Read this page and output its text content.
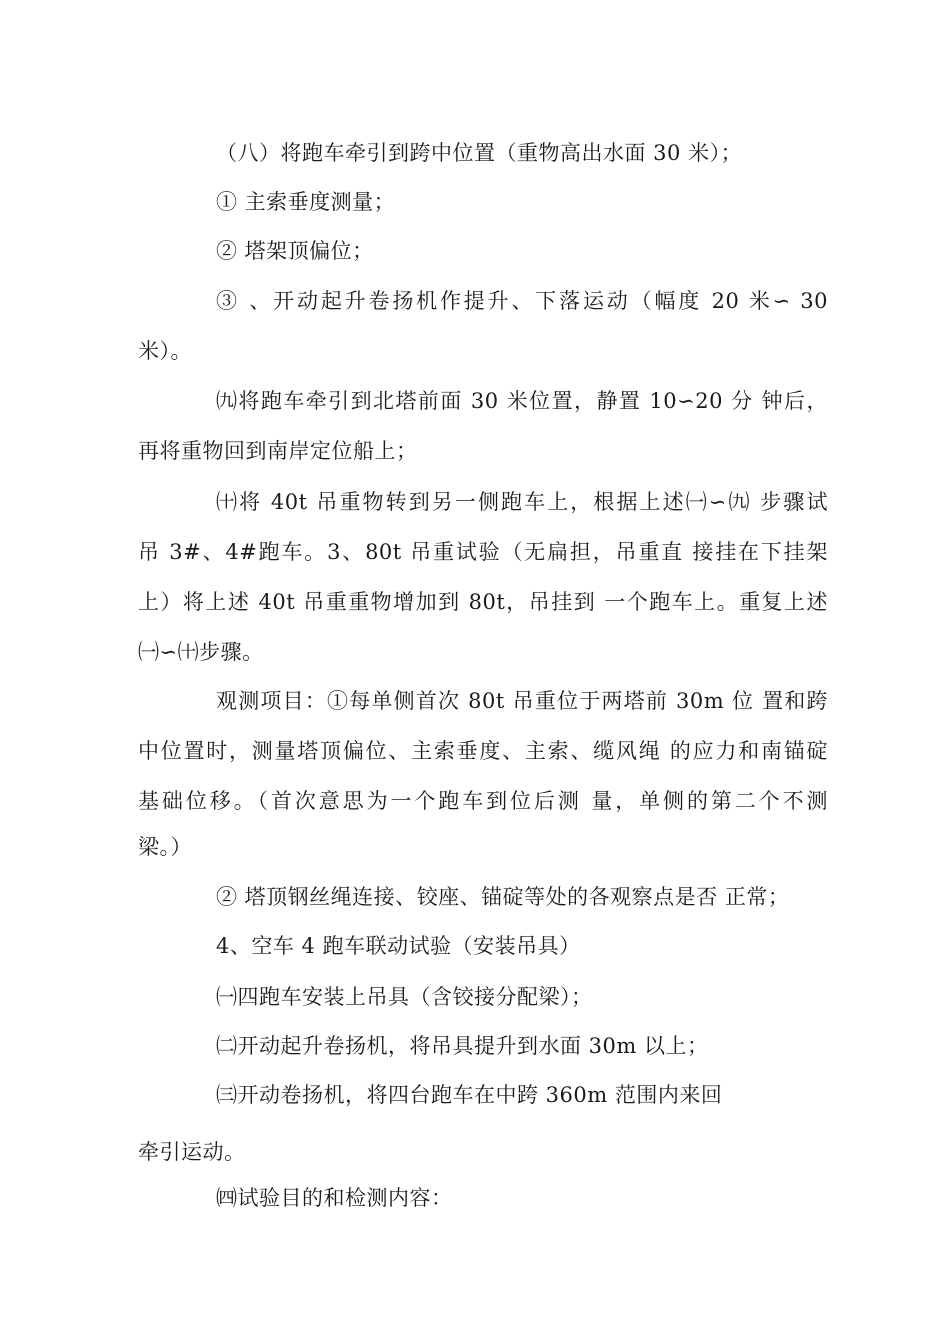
（八）将跑车牵引到跨中位置（重物高出水面 30 米）；
① 主索垂度测量；
② 塔架顶偏位；
③ 、开动起升卷扬机作提升、下落运动（幅度 20 米∽ 30
米）。
㈨将跑车牵引到北塔前面 30 米位置，静置 10∽20 分 钟后，
再将重物回到南岸定位船上；
㈩将 40t 吊重物转到另一侧跑车上，根据上述㈠∽㈨ 步骤试
吊 3#、4#跑车。3、80t 吊重试验（无扁担，吊重直 接挂在下挂架
上）将上述 40t 吊重重物增加到 80t，吊挂到 一个跑车上。重复上述
㈠∽㈩步骤。
观测项目：①每单侧首次 80t 吊重位于两塔前 30m 位 置和跨
中位置时，测量塔顶偏位、主索垂度、主索、缆风绳 的应力和南锚碇
基础位移。（首次意思为一个跑车到位后测 量，单侧的第二个不测
梁。）
② 塔顶钢丝绳连接、铰座、锚碇等处的各观察点是否 正常；
4、空车 4 跑车联动试验（安装吊具）
㈠四跑车安装上吊具（含铰接分配梁）；
㈡开动起升卷扬机，将吊具提升到水面 30m 以上；
㈢开动卷扬机，将四台跑车在中跨 360m 范围内来回
牵引运动。
㈣试验目的和检测内容：
